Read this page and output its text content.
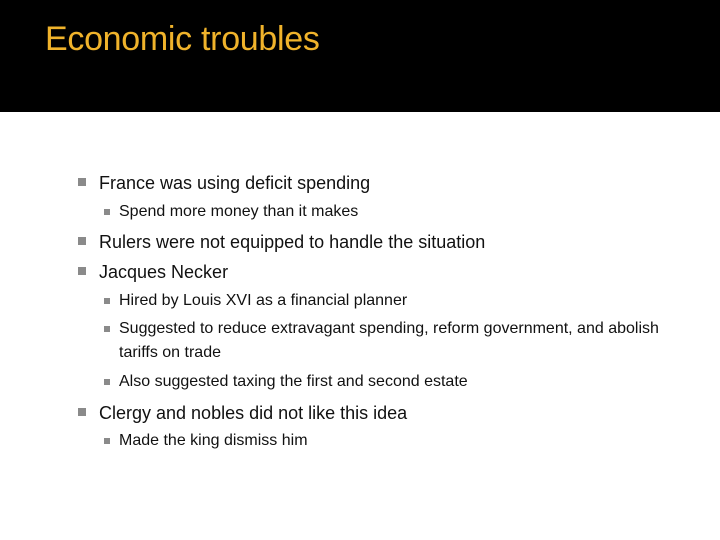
Economic troubles
France was using deficit spending
Spend more money than it makes
Rulers were not equipped to handle the situation
Jacques Necker
Hired by Louis XVI as a financial planner
Suggested to reduce extravagant spending, reform government, and abolish tariffs on trade
Also suggested taxing the first and second estate
Clergy and nobles did not like this idea
Made the king dismiss him
